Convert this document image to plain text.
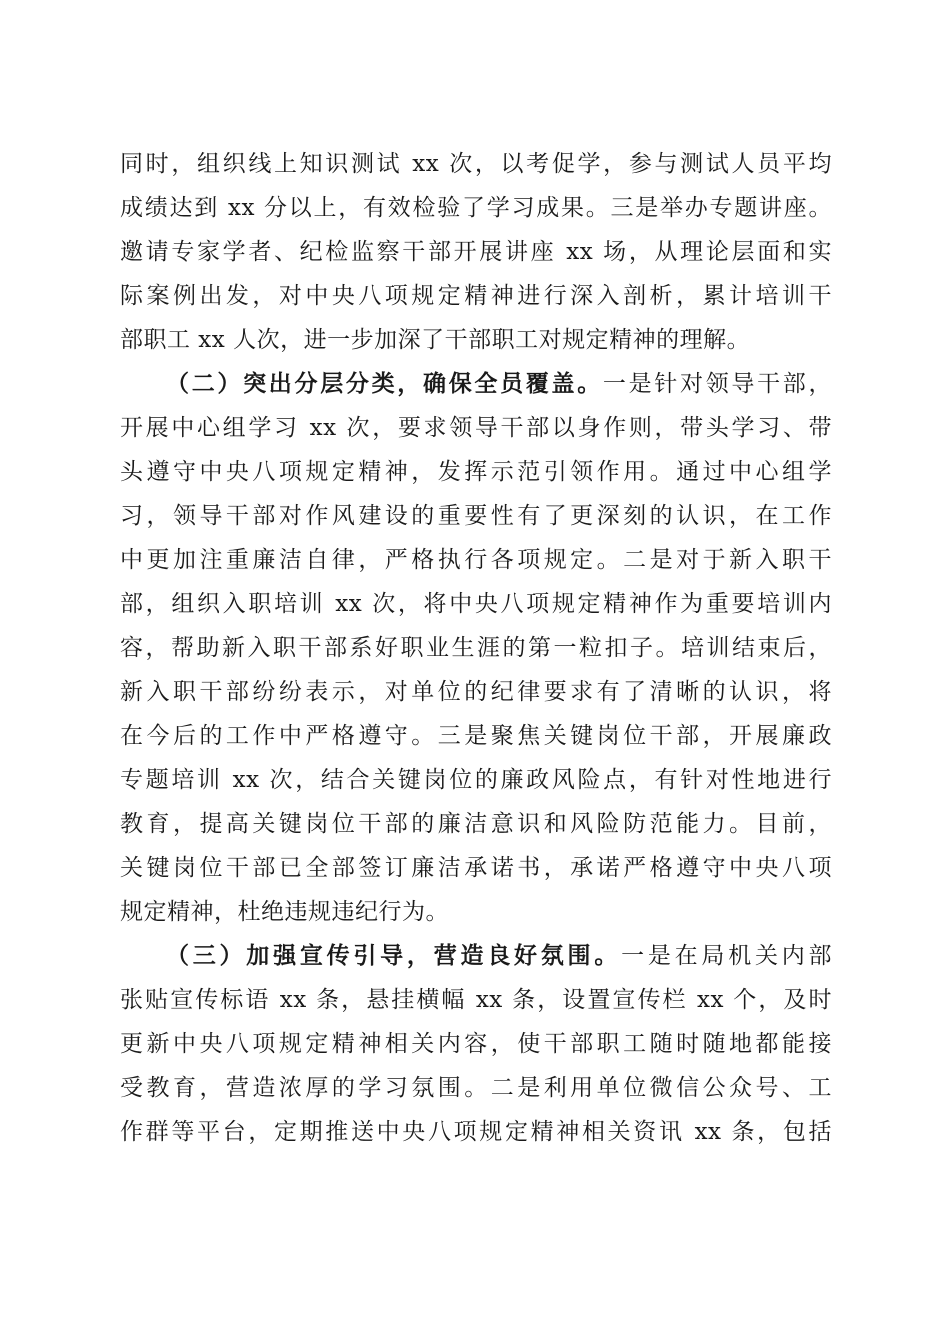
同时，组织线上知识测试 xx 次，以考促学，参与测试人员平均
成绩达到 xx 分以上，有效检验了学习成果。三是举办专题讲座。
邀请专家学者、纪检监察干部开展讲座 xx 场，从理论层面和实
际案例出发，对中央八项规定精神进行深入剖析，累计培训干
部职工 xx 人次，进一步加深了干部职工对规定精神的理解。
（二）突出分层分类，确保全员覆盖。一是针对领导干部，
开展中心组学习 xx 次，要求领导干部以身作则，带头学习、带
头遵守中央八项规定精神，发挥示范引领作用。通过中心组学
习，领导干部对作风建设的重要性有了更深刻的认识，在工作
中更加注重廉洁自律，严格执行各项规定。二是对于新入职干
部，组织入职培训 xx 次，将中央八项规定精神作为重要培训内
容，帮助新入职干部系好职业生涯的第一粒扣子。培训结束后，
新入职干部纷纷表示，对单位的纪律要求有了清晰的认识，将
在今后的工作中严格遵守。三是聚焦关键岗位干部，开展廉政
专题培训 xx 次，结合关键岗位的廉政风险点，有针对性地进行
教育，提高关键岗位干部的廉洁意识和风险防范能力。目前，
关键岗位干部已全部签订廉洁承诺书，承诺严格遵守中央八项
规定精神，杜绝违规违纪行为。
（三）加强宣传引导，营造良好氛围。一是在局机关内部
张贴宣传标语 xx 条，悬挂横幅 xx 条，设置宣传栏 xx 个，及时
更新中央八项规定精神相关内容，使干部职工随时随地都能接
受教育，营造浓厚的学习氛围。二是利用单位微信公众号、工
作群等平台，定期推送中央八项规定精神相关资讯 xx 条，包括
